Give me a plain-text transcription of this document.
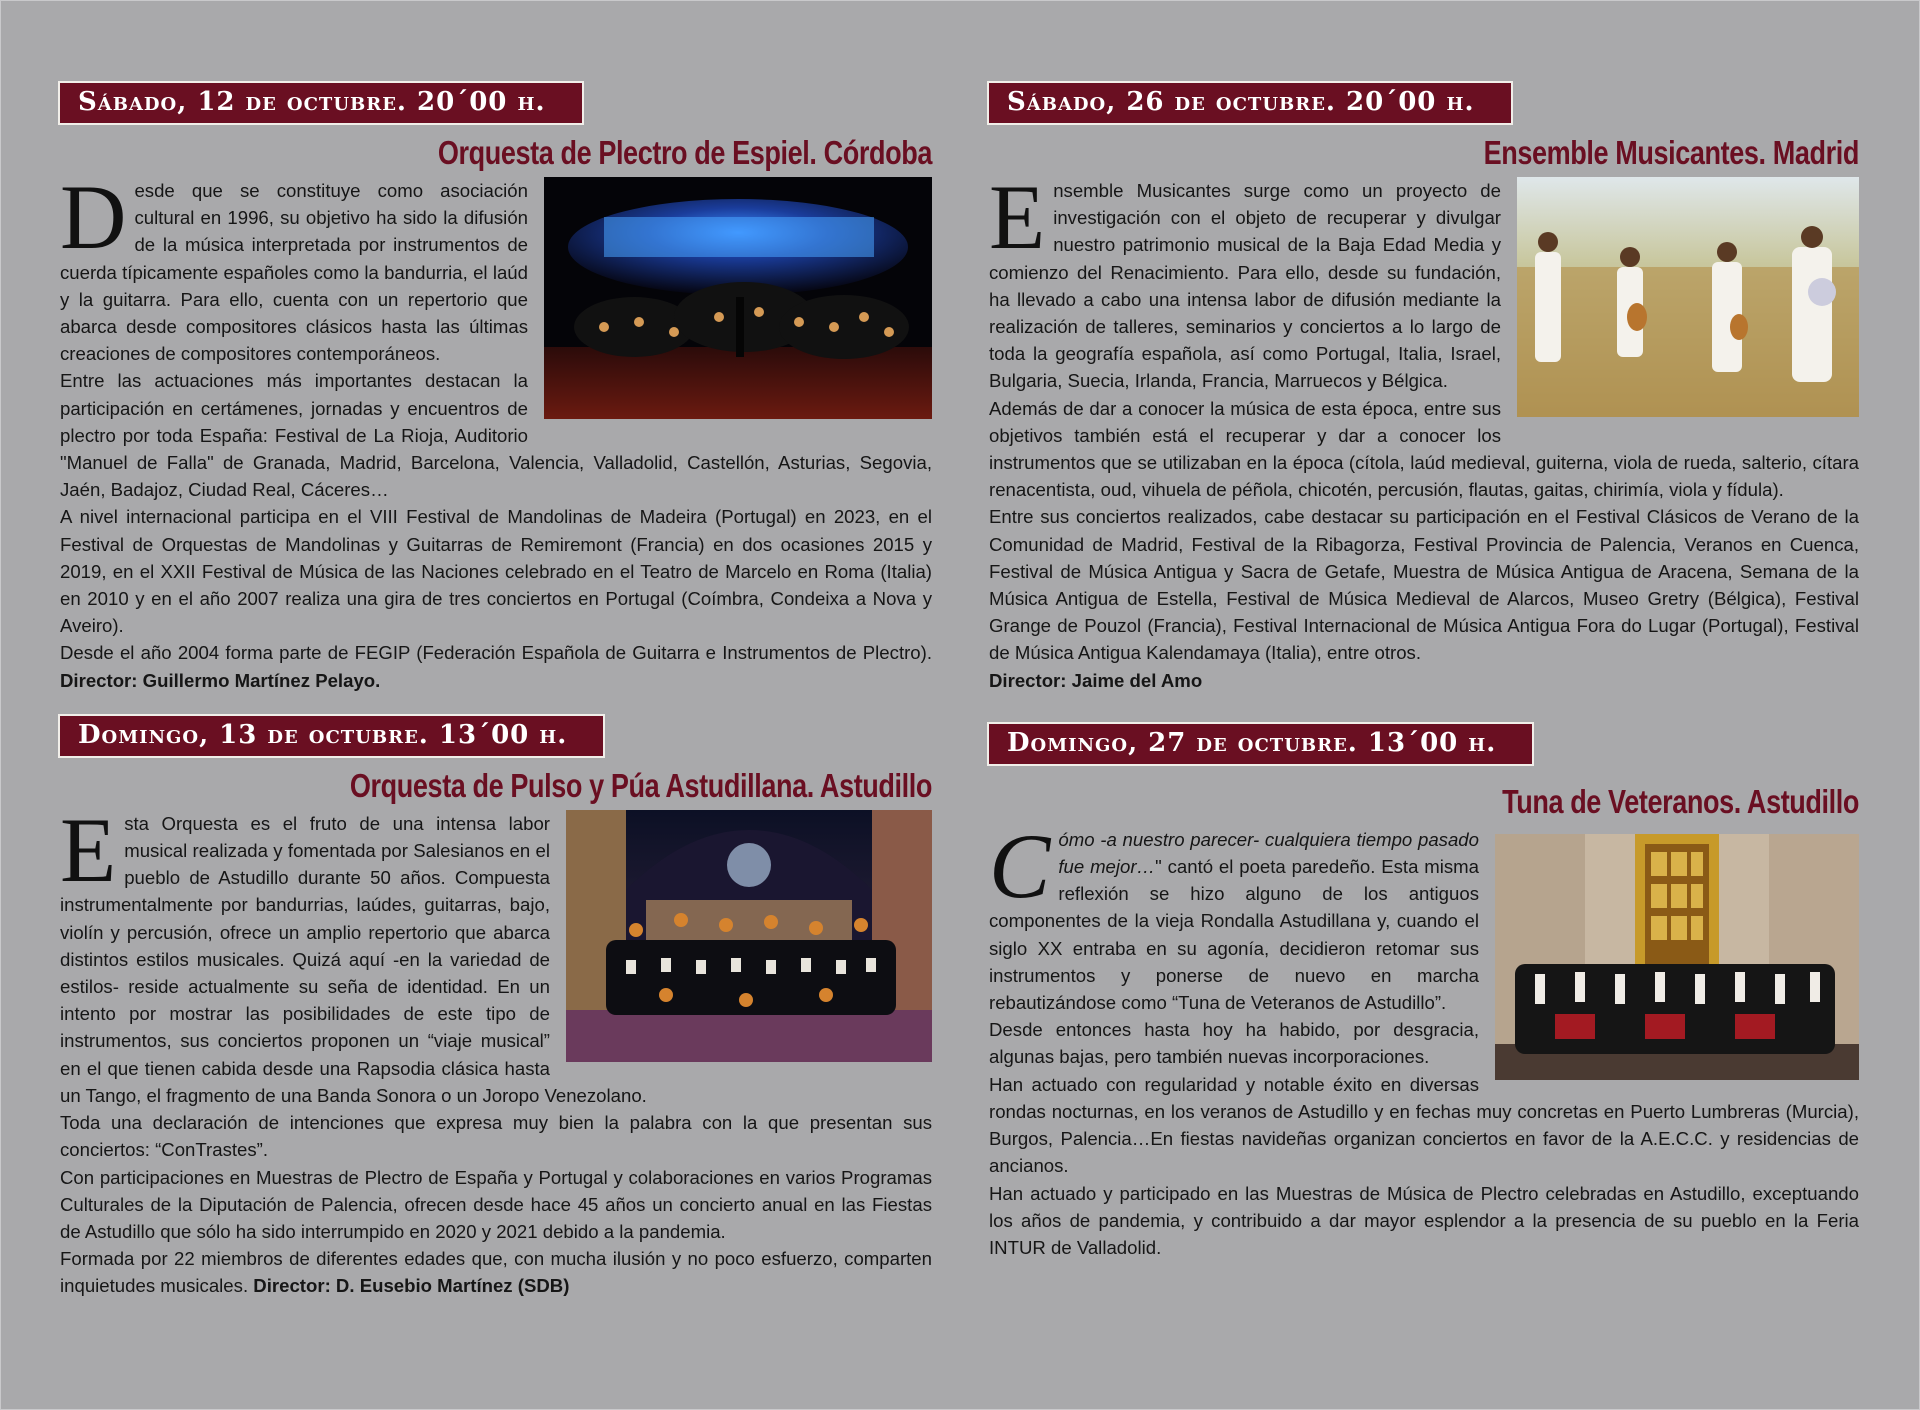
Sábado, 12 de octubre. 20´00 h.
Orquesta de Plectro de Espiel. Córdoba

Desde que se constituye como asociación cultural en 1996, su objetivo ha sido la difusión de la música interpretada por instrumentos de cuerda típicamente españoles como la bandurria, el laúd y la guitarra. Para ello, cuenta con un repertorio que abarca desde compositores clásicos hasta las últimas creaciones de compositores contemporáneos.

Entre las actuaciones más importantes destacan la participación en certámenes, jornadas y encuentros de plectro por toda España: Festival de La Rioja, Auditorio "Manuel de Falla" de Granada, Madrid, Barcelona, Valencia, Valladolid, Castellón, Asturias, Segovia, Jaén, Badajoz, Ciudad Real, Cáceres…

A nivel internacional participa en el VIII Festival de Mandolinas de Madeira (Portugal) en 2023, en el Festival de Orquestas de Mandolinas y Guitarras de Remiremont (Francia) en dos ocasiones 2015 y 2019, en el XXII Festival de Música de las Naciones celebrado en el Teatro de Marcelo en Roma (Italia) en 2010 y en el año 2007 realiza una gira de tres conciertos en Portugal (Coímbra, Condeixa a Nova y Aveiro).

Desde el año 2004 forma parte de FEGIP (Federación Española de Guitarra e Instrumentos de Plectro). Director: Guillermo Martínez Pelayo.

Domingo, 13 de octubre. 13´00 h.
Orquesta de Pulso y Púa Astudillana. Astudillo

Esta Orquesta es el fruto de una intensa labor musical realizada y fomentada por Salesianos en el pueblo de Astudillo durante 50 años. Compuesta instrumentalmente por bandurrias, laúdes, guitarras, bajo, violín y percusión, ofrece un amplio repertorio que abarca distintos estilos musicales. Quizá aquí -en la variedad de estilos- reside actualmente su seña de identidad. En un intento por mostrar las posibilidades de este tipo de instrumentos, sus conciertos proponen un “viaje musical” en el que tienen cabida desde una Rapsodia clásica hasta un Tango, el fragmento de una Banda Sonora o un Joropo Venezolano.

Toda una declaración de intenciones que expresa muy bien la palabra con la que presentan sus conciertos: “ConTrastes”.

Con participaciones en Muestras de Plectro de España y Portugal y colaboraciones en varios Programas Culturales de la Diputación de Palencia, ofrecen desde hace 45 años un concierto anual en las Fiestas de Astudillo que sólo ha sido interrumpido en 2020 y 2021 debido a la pandemia.

Formada por 22 miembros de diferentes edades que, con mucha ilusión y no poco esfuerzo, comparten inquietudes musicales. Director: D. Eusebio Martínez (SDB)

Sábado, 26 de octubre. 20´00 h.
Ensemble Musicantes. Madrid

Ensemble Musicantes surge como un proyecto de investigación con el objeto de recuperar y divulgar nuestro patrimonio musical de la Baja Edad Media y comienzo del Renacimiento. Para ello, desde su fundación, ha llevado a cabo una intensa labor de difusión mediante la realización de talleres, seminarios y conciertos a lo largo de toda la geografía española, así como Portugal, Italia, Israel, Bulgaria, Suecia, Irlanda, Francia, Marruecos y Bélgica.

Además de dar a conocer la música de esta época, entre sus objetivos también está el recuperar y dar a conocer los instrumentos que se utilizaban en la época (cítola, laúd medieval, guiterna, viola de rueda, salterio, cítara renacentista, oud, vihuela de péñola, chicotén, percusión, flautas, gaitas, chirimía, viola y fídula).

Entre sus conciertos realizados, cabe destacar su participación en el Festival Clásicos de Verano de la Comunidad de Madrid, Festival de la Ribagorza, Festival Provincia de Palencia, Veranos en Cuenca, Festival de Música Antigua y Sacra de Getafe, Muestra de Música Antigua de Aracena, Semana de la Música Antigua de Estella, Festival de Música Medieval de Alarcos, Museo Gretry (Bélgica), Festival Grange de Pouzol (Francia), Festival Internacional de Música Antigua Fora do Lugar (Portugal), Festival de Música Antigua Kalendamaya (Italia), entre otros.

Director: Jaime del Amo

Domingo, 27 de octubre. 13´00 h.
Tuna de Veteranos. Astudillo

Cómo -a nuestro parecer- cualquiera tiempo pasado fue mejor…" cantó el poeta paredeño. Esta misma reflexión se hizo alguno de los antiguos componentes de la vieja Rondalla Astudillana y, cuando el siglo XX entraba en su agonía, decidieron retomar sus instrumentos y ponerse de nuevo en marcha rebautizándose como “Tuna de Veteranos de Astudillo”.

Desde entonces hasta hoy ha habido, por desgracia, algunas bajas, pero también nuevas incorporaciones.

Han actuado con regularidad y notable éxito en diversas rondas nocturnas, en los veranos de Astudillo y en fechas muy concretas en Puerto Lumbreras (Murcia), Burgos, Palencia…En fiestas navideñas organizan conciertos en favor de la A.E.C.C. y residencias de ancianos.

Han actuado y participado en las Muestras de Música de Plectro celebradas en Astudillo, exceptuando los años de pandemia, y contribuido a dar mayor esplendor a la presencia de su pueblo en la Feria INTUR de Valladolid.
